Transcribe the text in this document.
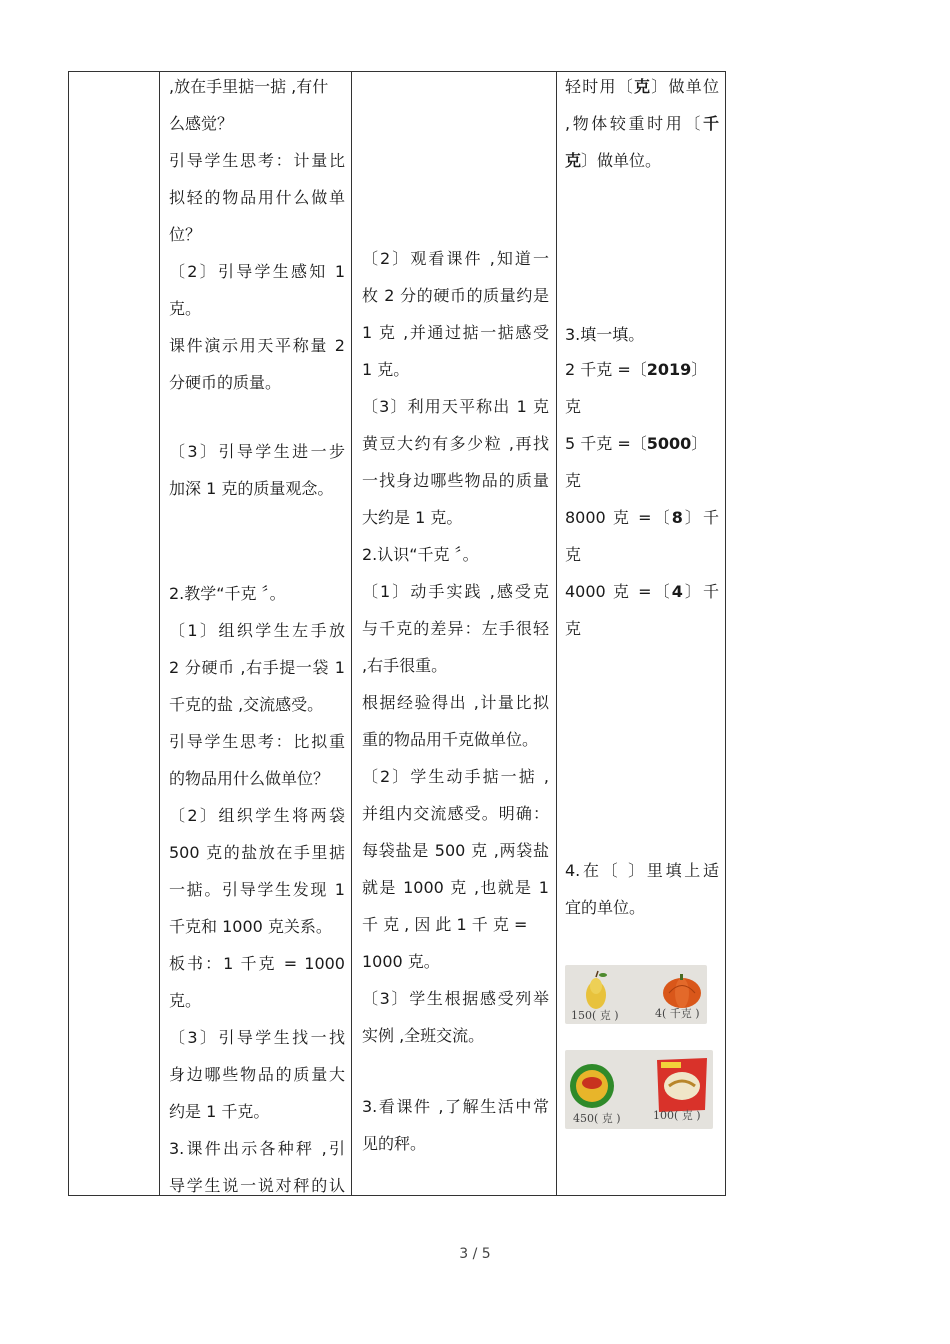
,放在手里掂一掂 ,有什
么感觉？
引导学生思考：计量比
拟轻的物品用什么做单
位？
〔2〕引导学生感知 1
克。
课件演示用天平称量 2
分硬币的质量。
〔3〕引导学生进一步
加深 1 克的质量观念。
2.教学“千克 〞。
〔1〕组织学生左手放
2 分硬币 ,右手提一袋 1
千克的盐 ,交流感受。
引导学生思考：比拟重
的物品用什么做单位？
〔2〕组织学生将两袋
500 克的盐放在手里掂
一掂。引导学生发现 1
千克和 1000 克关系。
板书：1 千克 = 1000
克。
〔3〕引导学生找一找
身边哪些物品的质量大
约是 1 千克。
3.课件出示各种秤 ,引
导学生说一说对秤的认
〔2〕观看课件 ,知道一
枚 2 分的硬币的质量约是
1 克 ,并通过掂一掂感受
1 克。
〔3〕利用天平称出 1 克
黄豆大约有多少粒 ,再找
一找身边哪些物品的质量
大约是 1 克。
2.认识“千克 〞。
〔1〕动手实践 ,感受克
与千克的差异：左手很轻
,右手很重。
根据经验得出 ,计量比拟
重的物品用千克做单位。
〔2〕学生动手掂一掂 ,
并组内交流感受。明确：
每袋盐是 500 克 ,两袋盐
就是 1000 克 ,也就是 1
千 克 , 因 此 1 千 克 =
1000 克。
〔3〕学生根据感受列举
实例 ,全班交流。
3.看课件 ,了解生活中常
见的秤。
轻时用〔克〕做单位
,物体较重时用〔千
克〕做单位。
3.填一填。
2 千克 =〔2019〕
克
5 千克 =〔5000〕
克
8000 克 =〔8〕千
克
4000 克 =〔4〕千
克
4.在〔 〕里填上适
宜的单位。
150( 克 )	4( 千克 )
450( 克 )	100( 克 )
3 / 5
